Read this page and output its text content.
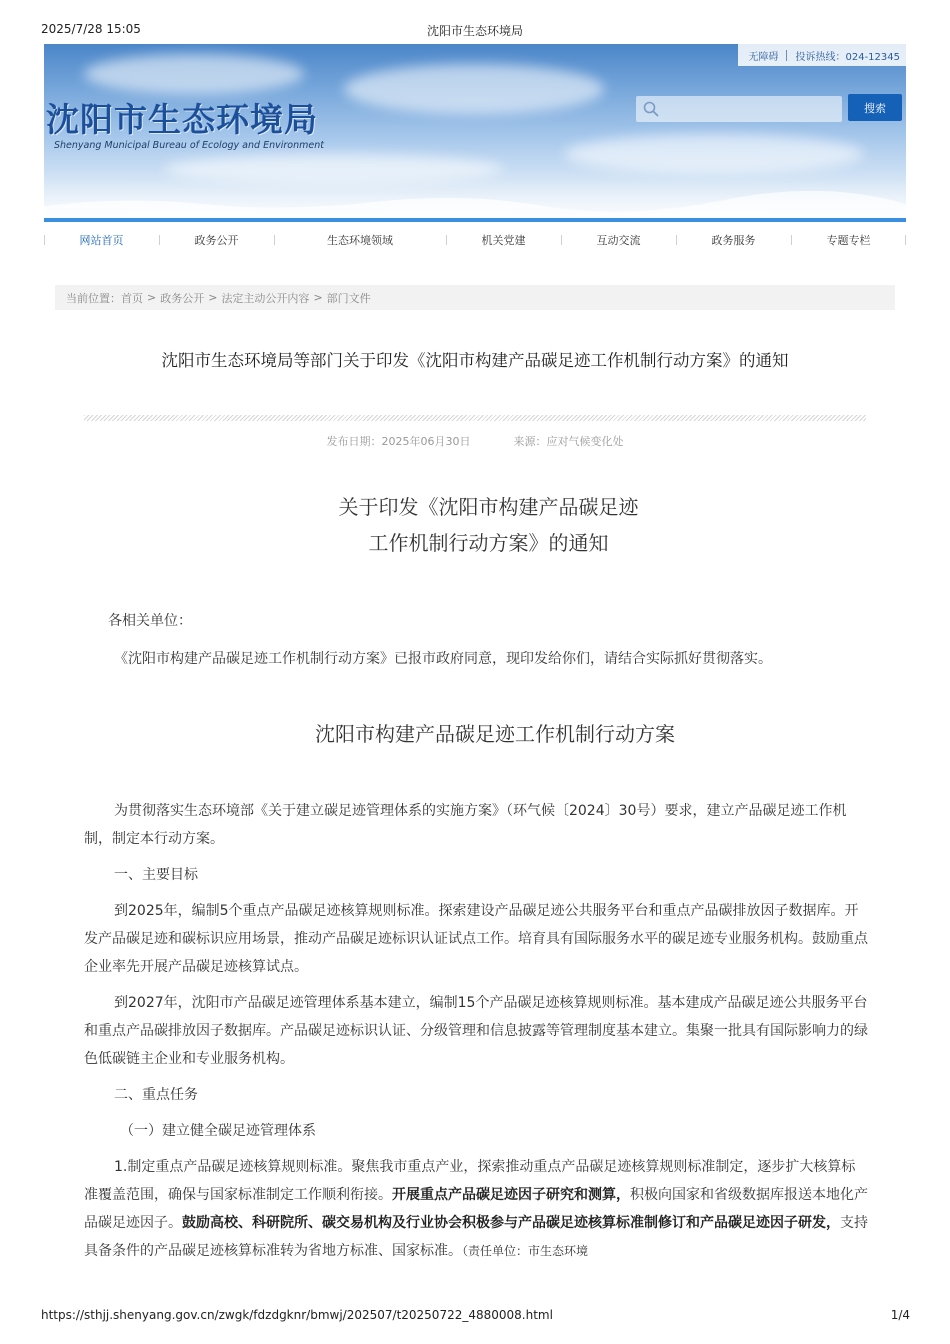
2025/7/28 15:05	沈阳市生态环境局
无障碍 投诉热线：024-12345
沈阳市生态环境局
Shenyang Municipal Bureau of Ecology and Environment
搜索
网站首页	政务公开	生态环境领域	机关党建	互动交流	政务服务	专题专栏
当前位置： 首页 > 政务公开 > 法定主动公开内容 > 部门文件
沈阳市生态环境局等部门关于印发《沈阳市构建产品碳足迹工作机制行动方案》的通知
发布日期：2025年06月30日	来源：应对气候变化处
关于印发《沈阳市构建产品碳足迹
工作机制行动方案》的通知
各相关单位：
《沈阳市构建产品碳足迹工作机制行动方案》已报市政府同意，现印发给你们，请结合实际抓好贯彻落实。
沈阳市构建产品碳足迹工作机制行动方案

为贯彻落实生态环境部《关于建立碳足迹管理体系的实施方案》（环气候〔2024〕30号）要求，建立产品碳足迹工作机制，制定本行动方案。

一、主要目标

到2025年，编制5个重点产品碳足迹核算规则标准。探索建设产品碳足迹公共服务平台和重点产品碳排放因子数据库。开发产品碳足迹和碳标识应用场景，推动产品碳足迹标识认证试点工作。培育具有国际服务水平的碳足迹专业服务机构。鼓励重点企业率先开展产品碳足迹核算试点。

到2027年，沈阳市产品碳足迹管理体系基本建立，编制15个产品碳足迹核算规则标准。基本建成产品碳足迹公共服务平台和重点产品碳排放因子数据库。产品碳足迹标识认证、分级管理和信息披露等管理制度基本建立。集聚一批具有国际影响力的绿色低碳链主企业和专业服务机构。

二、重点任务

（一）建立健全碳足迹管理体系

1.制定重点产品碳足迹核算规则标准。聚焦我市重点产业，探索推动重点产品碳足迹核算规则标准制定，逐步扩大核算标准覆盖范围，确保与国家标准制定工作顺利衔接。开展重点产品碳足迹因子研究和测算，积极向国家和省级数据库报送本地化产品碳足迹因子。鼓励高校、科研院所、碳交易机构及行业协会积极参与产品碳足迹核算标准制修订和产品碳足迹因子研发，支持具备条件的产品碳足迹核算标准转为省地方标准、国家标准。（责任单位：市生态环境

https://sthjj.shenyang.gov.cn/zwgk/fdzdgknr/bmwj/202507/t20250722_4880008.html	1/4
